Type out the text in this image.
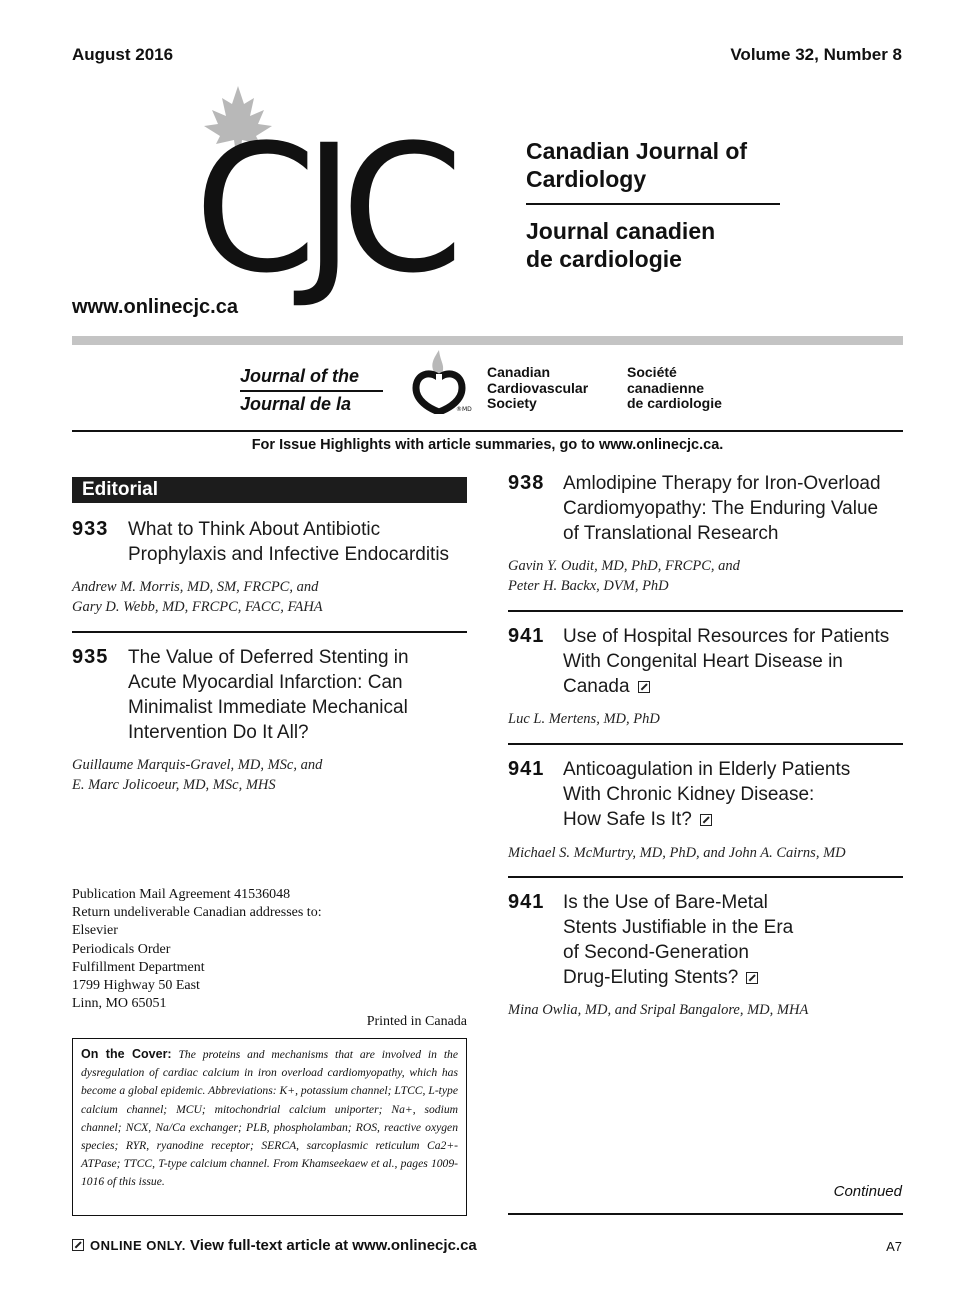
August 2016	Volume 32, Number 8
CJC	Canadian Journal of
Cardiology
Journal canadien
de cardiologie
www.onlinecjc.ca
Journal of the
Journal de la	®MD
Canadian
Cardiovascular
Society
Société
canadienne
de cardiologie
For Issue Highlights with article summaries, go to www.onlinecjc.ca.
Editorial
933 What to Think About Antibiotic
Prophylaxis and Infective Endocarditis
Andrew M. Morris, MD, SM, FRCPC, and
Gary D. Webb, MD, FRCPC, FACC, FAHA
935 The Value of Deferred Stenting in
Acute Myocardial Infarction: Can
Minimalist Immediate Mechanical
Intervention Do It All?
Guillaume Marquis-Gravel, MD, MSc, and
E. Marc Jolicoeur, MD, MSc, MHS
Publication Mail Agreement 41536048
Return undeliverable Canadian addresses to:
Elsevier
Periodicals Order
Fulfillment Department
1799 Highway 50 East
Linn, MO 65051
Printed in Canada
On the Cover: The proteins and mechanisms that are involved in the dysregulation of cardiac calcium in iron overload cardiomyopathy, which has become a global epidemic. Abbreviations: K+, potassium channel; LTCC, L-type calcium channel; MCU; mitochondrial calcium uniporter; Na+, sodium channel; NCX, Na/Ca exchanger; PLB, phospholamban; ROS, reactive oxygen species; RYR, ryanodine receptor; SERCA, sarcoplasmic reticulum Ca2+-ATPase; TTCC, T-type calcium channel. From Khamseekaew et al., pages 1009-1016 of this issue.
938 Amlodipine Therapy for Iron-Overload
Cardiomyopathy: The Enduring Value
of Translational Research
Gavin Y. Oudit, MD, PhD, FRCPC, and
Peter H. Backx, DVM, PhD
941 Use of Hospital Resources for Patients
With Congenital Heart Disease in
Canada
Luc L. Mertens, MD, PhD
941 Anticoagulation in Elderly Patients
With Chronic Kidney Disease:
How Safe Is It?
Michael S. McMurtry, MD, PhD, and John A. Cairns, MD
941 Is the Use of Bare-Metal
Stents Justifiable in the Era
of Second-Generation
Drug-Eluting Stents?
Mina Owlia, MD, and Sripal Bangalore, MD, MHA
Continued
ONLINE ONLY. View full-text article at www.onlinecjc.ca	A7
